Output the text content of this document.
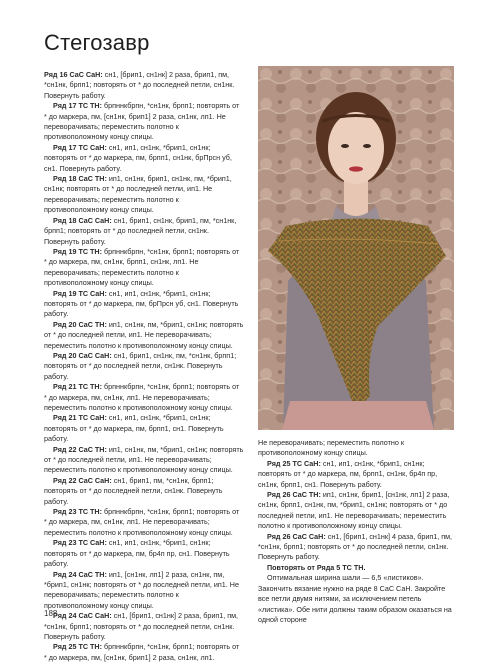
Стегозавр

Ряд 16 СаС СаН: сн1, [брип1, сн1нк] 2 раза, брип1, пм, *сн1нк, брпп1; повторять от * до последней петли, сн1нк. Повернуть работу.

Ряд 17 ТС ТН: брпннкбрпн, *сн1нк, брпп1; повторять от * до маркера, пм, [сн1нк, брип1] 2 раза, сн1нк, лп1. Не переворачивать; переместить полотно к противоположному концу спицы.

Ряд 17 ТС СаН: сн1, ип1, сн1нк, *брип1, сн1нк; повторять от * до маркера, пм, брпп1, сн1нк, брПрсн уб, сн1. Повернуть работу.

Ряд 18 СаС ТН: ип1, сн1нк, брип1, сн1нк, пм, *брип1, сн1нк; повторять от * до последней петли, ип1. Не переворачивать; переместить полотно к противоположному концу спицы.

Ряд 18 СаС СаН: сн1, брип1, сн1нк, брип1, пм, *сн1нк, брпп1; повторять от * до последней петли, сн1нк. Повернуть работу.

Ряд 19 ТС ТН: брпннкбрпн, *сн1нк, брпп1; повторять от * до маркера, пм, сн1нк, брпп1, сн1нк, лп1. Не переворачивать; переместить полотно к противоположному концу спицы.

Ряд 19 ТС СаН: сн1, ип1, сн1нк, *брип1, сн1нк; повторять от * до маркера, пм, брПрсн уб, сн1. Повернуть работу.

Ряд 20 СаС ТН: ип1, сн1нк, пм, *брип1, сн1нк; повторять от * до последней петли, ип1. Не переворачивать; переместить полотно к противоположному концу спицы.

Ряд 20 СаС СаН: сн1, брип1, сн1нк, пм, *сн1нк, брпп1; повторять от * до последней петли, сн1нк. Повернуть работу.

Ряд 21 ТС ТН: брпннкбрпн, *сн1нк, брпп1; повторять от * до маркера, пм, сн1нк, лп1. Не переворачивать; переместить полотно к противоположному концу спицы.

Ряд 21 ТС СаН: сн1, ип1, сн1нк, *брип1, сн1нк; повторять от * до маркера, пм, брпп1, сн1. Повернуть работу.

Ряд 22 СаС ТН: ип1, сн1нк, пм, *брип1, сн1нк; повторять от * до последней петли, ип1. Не переворачивать; переместить полотно к противоположному концу спицы.

Ряд 22 СаС СаН: сн1, брип1, пм, *сн1нк, брпп1; повторять от * до последней петли, сн1нк. Повернуть работу.

Ряд 23 ТС ТН: брпннкбрпн, *сн1нк, брпп1; повторять от * до маркера, пм, сн1нк, лп1. Не переворачивать; переместить полотно к противоположному концу спицы.

Ряд 23 ТС СаН: сн1, ип1, сн1нк, *брип1, сн1нк; повторять от * до маркера, пм, бр4п пр, сн1. Повернуть работу.

Ряд 24 СаС ТН: ип1, [сн1нк, лп1] 2 раза, сн1нк, пм, *брип1, сн1нк; повторять от * до последней петли, ип1. Не переворачивать; переместить полотно к противоположному концу спицы.

Ряд 24 СаС СаН: сн1, [брип1, сн1нк] 2 раза, брип1, пм, *сн1нк, брпп1; повторять от * до последней петли, сн1нк. Повернуть работу.

Ряд 25 ТС ТН: брпннкбрпн, *сн1нк, брпп1; повторять от * до маркера, пм, [сн1нк, брип1] 2 раза, сн1нк, лп1.

Не переворачивать; переместить полотно к противоположному концу спицы.

Ряд 25 ТС СаН: сн1, ип1, сн1нк, *брип1, сн1нк; повторять от * до маркера, пм, брпп1, сн1нк, бр4п пр, сн1нк, брпп1, сн1. Повернуть работу.

Ряд 26 СаС ТН: ип1, сн1нк, брип1, [сн1нк, лп1] 2 раза, сн1нк, брпп1, сн1нк, пм, *брип1, сн1нк; повторять от * до последней петли, ип1. Не переворачивать; переместить полотно к противоположному концу спицы.

Ряд 26 СаС СаН: сн1, [брип1, сн1нк] 4 раза, брип1, пм, *сн1нк, брпп1; повторять от * до последней петли, сн1нк. Повернуть работу.

Повторять от Ряда 5 ТС ТН.

Оптимальная ширина шали — 6,5 «листиков». Закончить вязание нужно на ряде 8 СаС СаН. Закройте все петли двумя нитями, за исключением петель «листика». Обе нити должны таким образом оказаться на одной стороне

188
